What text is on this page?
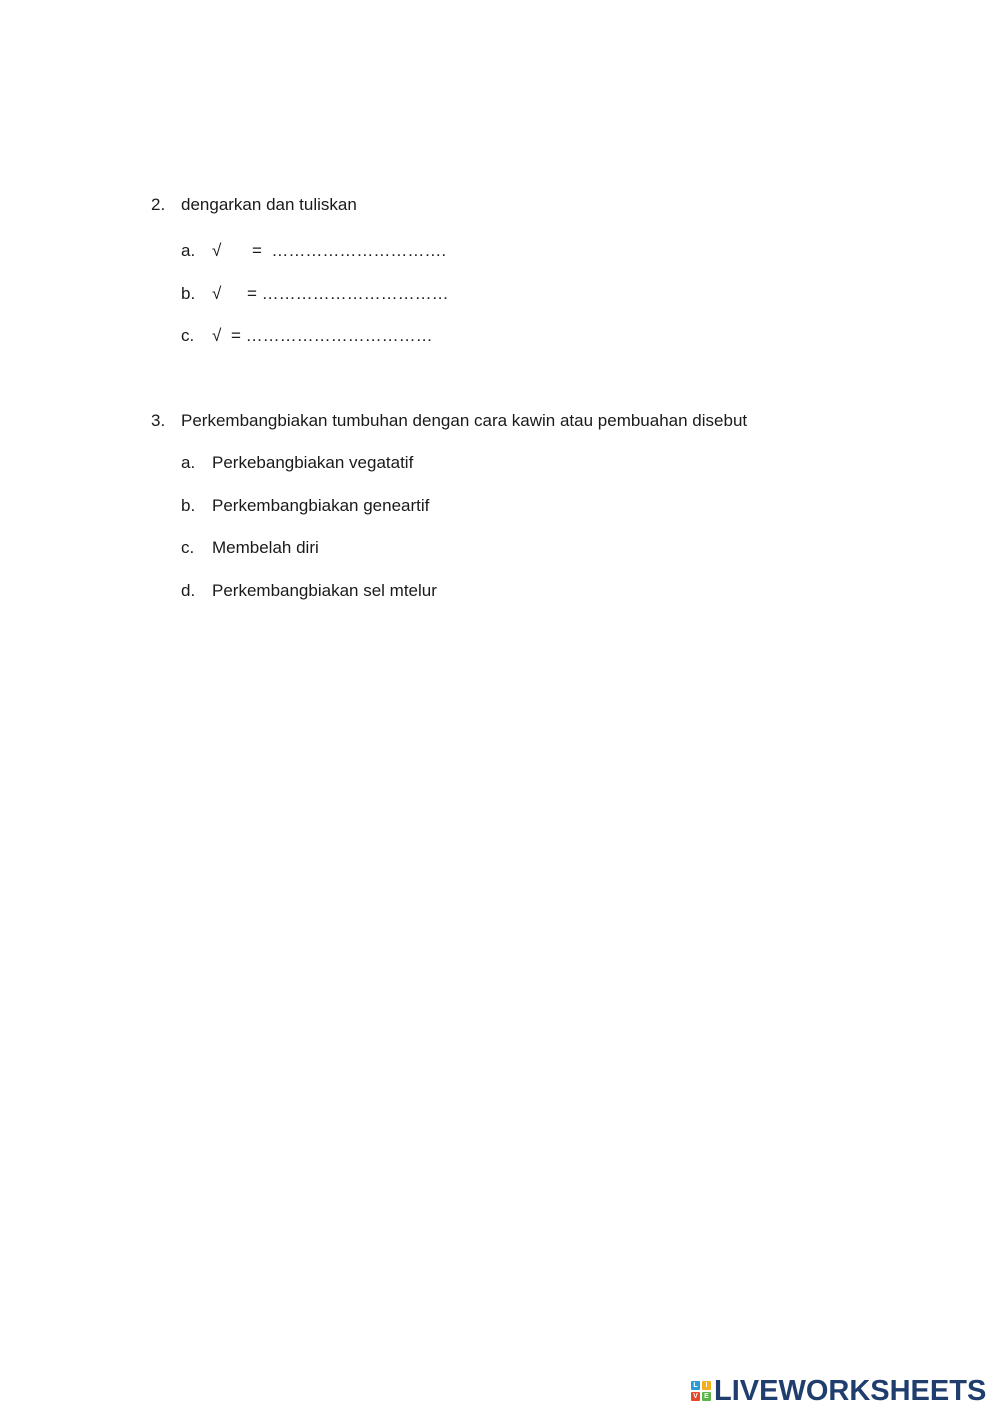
2. dengarkan dan tuliskan
a. √ =  ………………………….
b. √ = ……………………………
c. √ = ……………………………
3. Perkembangbiakan tumbuhan dengan cara kawin atau pembuahan disebut
a. Perkebangbiakan vegatatif
b. Perkembangbiakan geneartif
c. Membelah diri
d. Perkembangbiakan sel mtelur
L	I
V E LIVEWORKSHEETS
